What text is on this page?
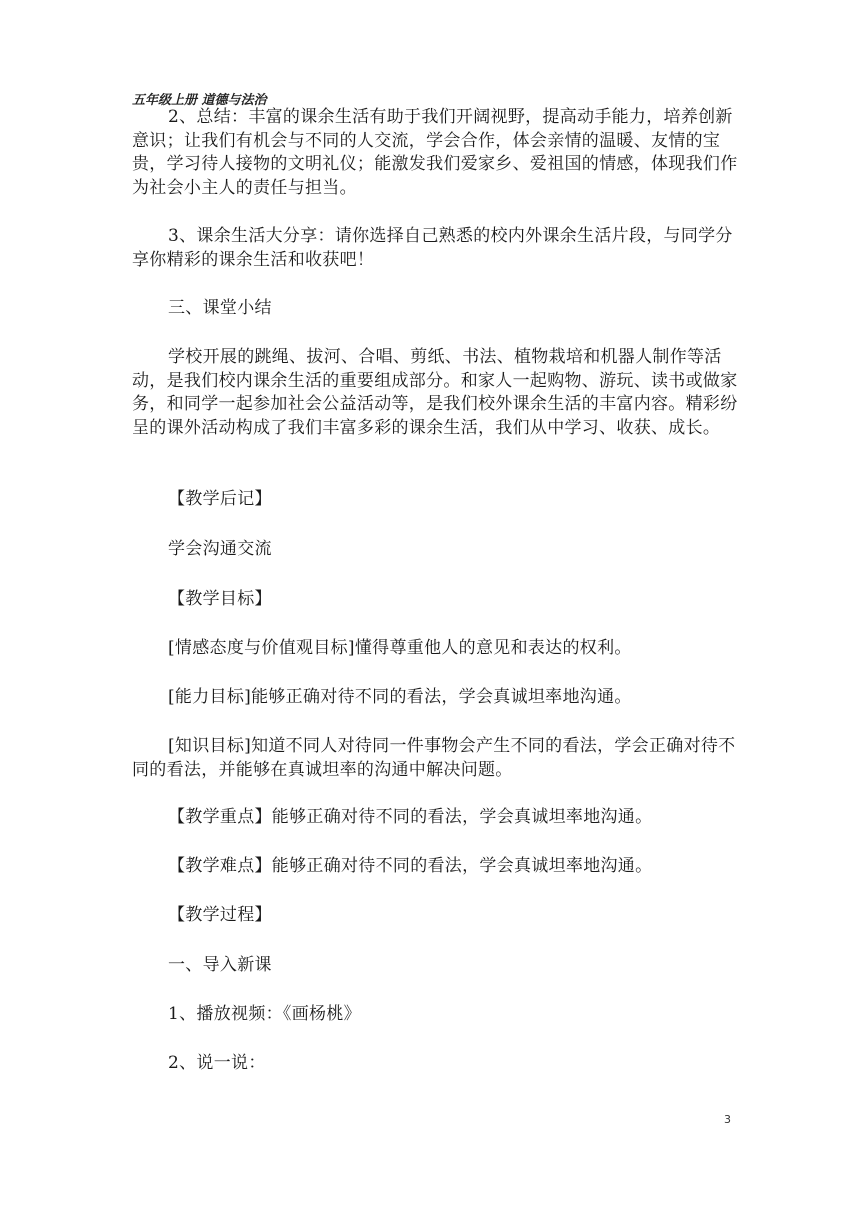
五年级上册 道德与法治

2、总结：丰富的课余生活有助于我们开阔视野，提高动手能力，培养创新意识；让我们有机会与不同的人交流，学会合作，体会亲情的温暖、友情的宝贵，学习待人接物的文明礼仪；能激发我们爱家乡、爱祖国的情感，体现我们作为社会小主人的责任与担当。

3、课余生活大分享：请你选择自己熟悉的校内外课余生活片段，与同学分享你精彩的课余生活和收获吧！

三、课堂小结

学校开展的跳绳、拔河、合唱、剪纸、书法、植物栽培和机器人制作等活动，是我们校内课余生活的重要组成部分。和家人一起购物、游玩、读书或做家务，和同学一起参加社会公益活动等，是我们校外课余生活的丰富内容。精彩纷呈的课外活动构成了我们丰富多彩的课余生活，我们从中学习、收获、成长。

【教学后记】

学会沟通交流

【教学目标】

[情感态度与价值观目标]懂得尊重他人的意见和表达的权利。

[能力目标]能够正确对待不同的看法，学会真诚坦率地沟通。

[知识目标]知道不同人对待同一件事物会产生不同的看法，学会正确对待不同的看法，并能够在真诚坦率的沟通中解决问题。

【教学重点】能够正确对待不同的看法，学会真诚坦率地沟通。

【教学难点】能够正确对待不同的看法，学会真诚坦率地沟通。

【教学过程】

一、导入新课

1、播放视频：《画杨桃》

2、说一说：

3
